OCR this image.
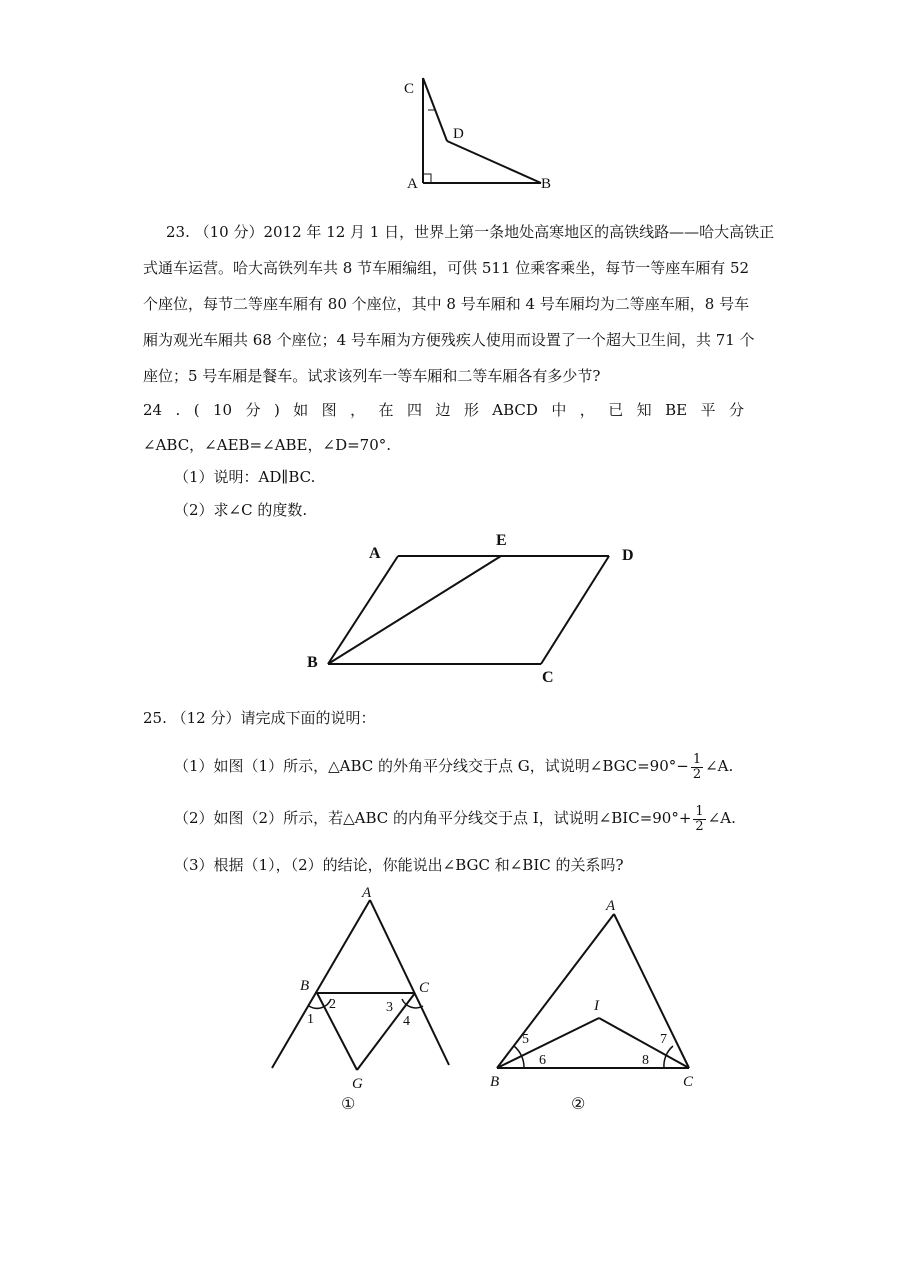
C
D
A	B
23. （10 分）2012 年 12 月 1 日，世界上第一条地处高寒地区的高铁线路——哈大高铁正
式通车运营。哈大高铁列车共 8 节车厢编组，可供 511 位乘客乘坐，每节一等座车厢有 52
个座位，每节二等座车厢有 80 个座位，其中 8 号车厢和 4 号车厢均为二等座车厢，8 号车
厢为观光车厢共 68 个座位；4 号车厢为方便残疾人使用而设置了一个超大卫生间，共 71 个
座位；5 号车厢是餐车。试求该列车一等车厢和二等车厢各有多少节?
24 . ( 10 分 ) 如 图 ， 在 四 边 形 ABCD 中 ， 已 知 BE 平 分
∠ABC，∠AEB=∠ABE，∠D=70°.
（1）说明：AD∥BC.
（2）求∠C 的度数.
A
E
D
B
C
25. （12 分）请完成下面的说明：
（1）如图（1）所示，△ABC 的外角平分线交于点 G，试说明∠BGC=90°− $\frac{1}{2}$ ∠A.
（2）如图（2）所示，若△ABC 的内角平分线交于点 I，试说明∠BIC=90°+ $\frac{1}{2}$ ∠A.
（3）根据（1），（2）的结论，你能说出∠BGC 和∠BIC 的关系吗?
A
B	C
G
1
2	3
4
①
A
B	C
I
5
6
7
8
②
